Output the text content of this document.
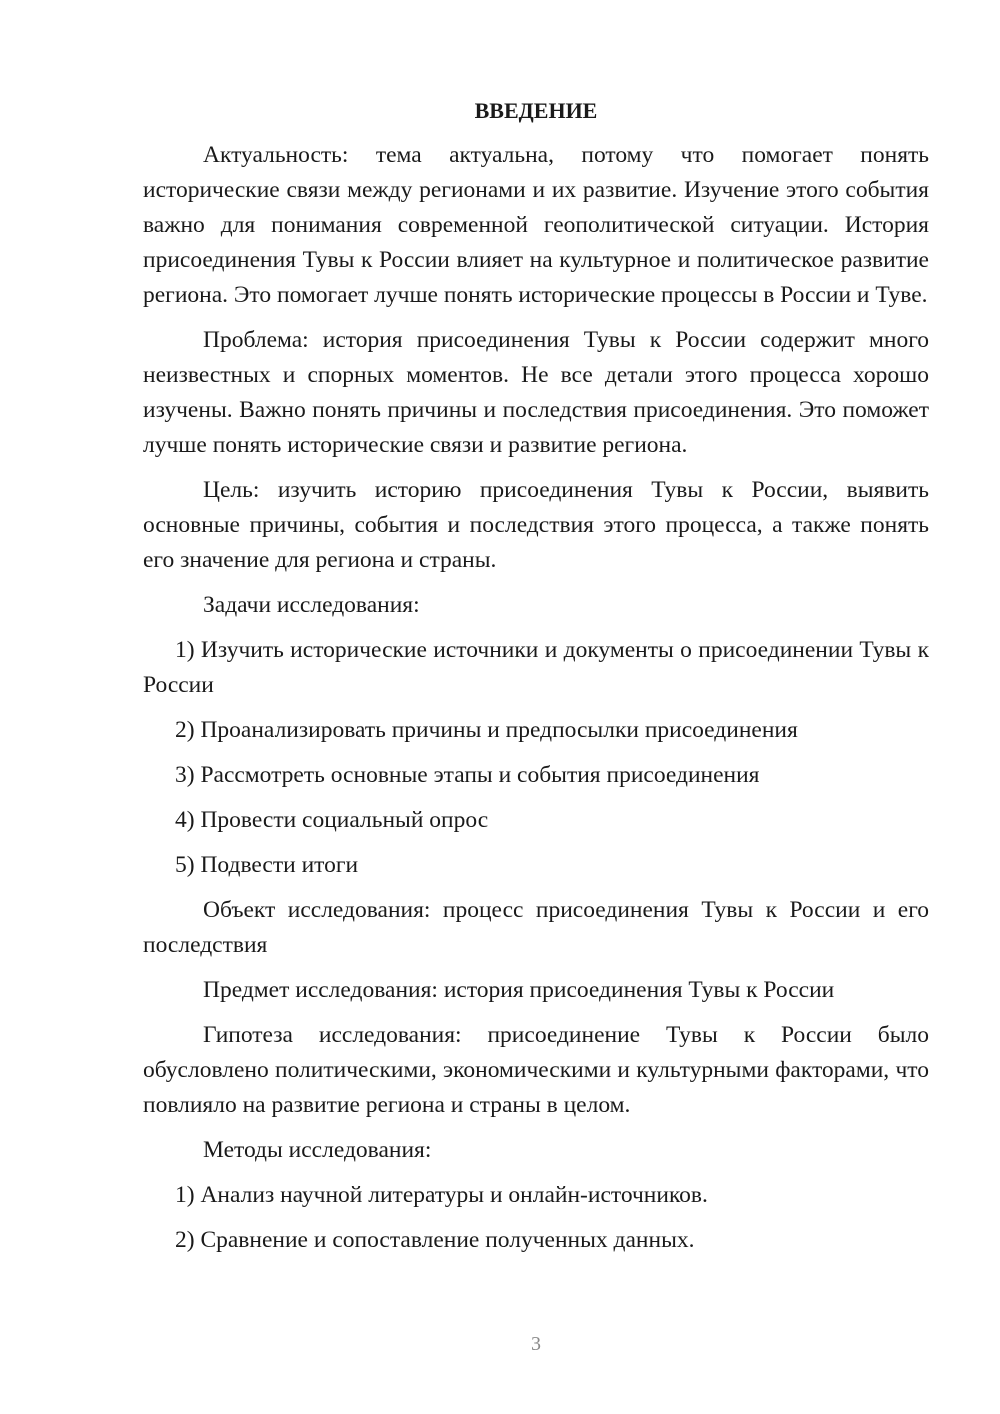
ВВЕДЕНИЕ

Актуальность: тема актуальна, потому что помогает понять исторические связи между регионами и их развитие. Изучение этого события важно для понимания современной геополитической ситуации. История присоединения Тувы к России влияет на культурное и политическое развитие региона. Это помогает лучше понять исторические процессы в России и Туве.

Проблема: история присоединения Тувы к России содержит много неизвестных и спорных моментов. Не все детали этого процесса хорошо изучены. Важно понять причины и последствия присоединения. Это поможет лучше понять исторические связи и развитие региона.

Цель: изучить историю присоединения Тувы к России, выявить основные причины, события и последствия этого процесса, а также понять его значение для региона и страны.

Задачи исследования:

1) Изучить исторические источники и документы о присоединении Тувы к России

2) Проанализировать причины и предпосылки присоединения

3) Рассмотреть основные этапы и события присоединения

4) Провести социальный опрос

5) Подвести итоги

Объект исследования: процесс присоединения Тувы к России и его последствия

Предмет исследования: история присоединения Тувы к России

Гипотеза исследования: присоединение Тувы к России было обусловлено политическими, экономическими и культурными факторами, что повлияло на развитие региона и страны в целом.

Методы исследования:

1) Анализ научной литературы и онлайн-источников.

2) Сравнение и сопоставление полученных данных.

3
